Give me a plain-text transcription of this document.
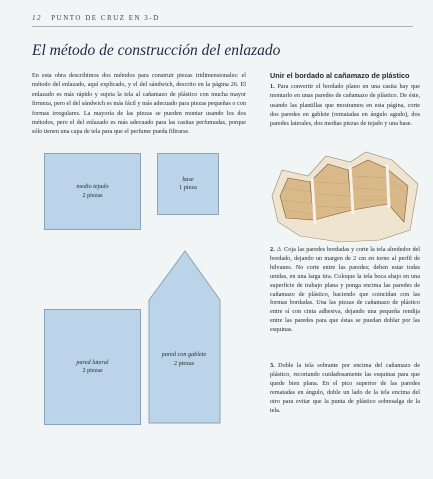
12 PUNTO DE CRUZ EN 3-D
El método de construcción del enlazado

En esta obra describimos dos métodos para construir piezas tridimensionales: el método del enlazado, aquí explicado, y el del sándwich, descrito en la página 26. El enlazado es más rápido y sujeta la tela al cañamazo de plástico con mucha mayor firmeza, pero el del sándwich es más fácil y más adecuado para piezas pequeñas o con formas irregulares. La mayoría de las piezas se pueden montar usando los dos métodos, pero el del enlazado es más adecuado para las casitas perfumadas, porque sólo tienen una capa de tela para que el perfume pueda filtrarse.

medio tejado
2 piezas
base
1 pieza
pared lateral
2 piezas
pared con gablete
2 piezas
Unir el bordado al cañamazo de plástico

1. Para convertir el bordado plano en una casita hay que montarlo en unas paredes de cañamazo de plástico. De éste, usando las plantillas que mostramos en esta página, corte dos paredes en gablete (rematadas en ángulo agudo), dos paredes laterales, dos medias piezas de tejado y una base.

2. ⚠ Coja las paredes bordadas y corte la tela alrededor del bordado, dejando un margen de 2 cm en torno al perfil de hilvanes. No corte entre las paredes; deben estar todas unidas, en una larga tira. Coloque la tela boca abajo en una superficie de trabajo plana y ponga encima las paredes de cañamazo de plástico, haciendo que coincidan con las formas bordadas. Una las piezas de cañamazo de plástico entre sí con cinta adhesiva, dejando una pequeña rendija entre las paredes para que éstas se puedan doblar por las esquinas.

3. Doble la tela sobrante por encima del cañamazo de plástico, recortando cuidadosamente las esquinas para que quede bien plana. En el pico superior de las paredes rematadas en ángulo, doble un lado de la tela encima del otro para evitar que la punta de plástico sobresalga de la tela.
